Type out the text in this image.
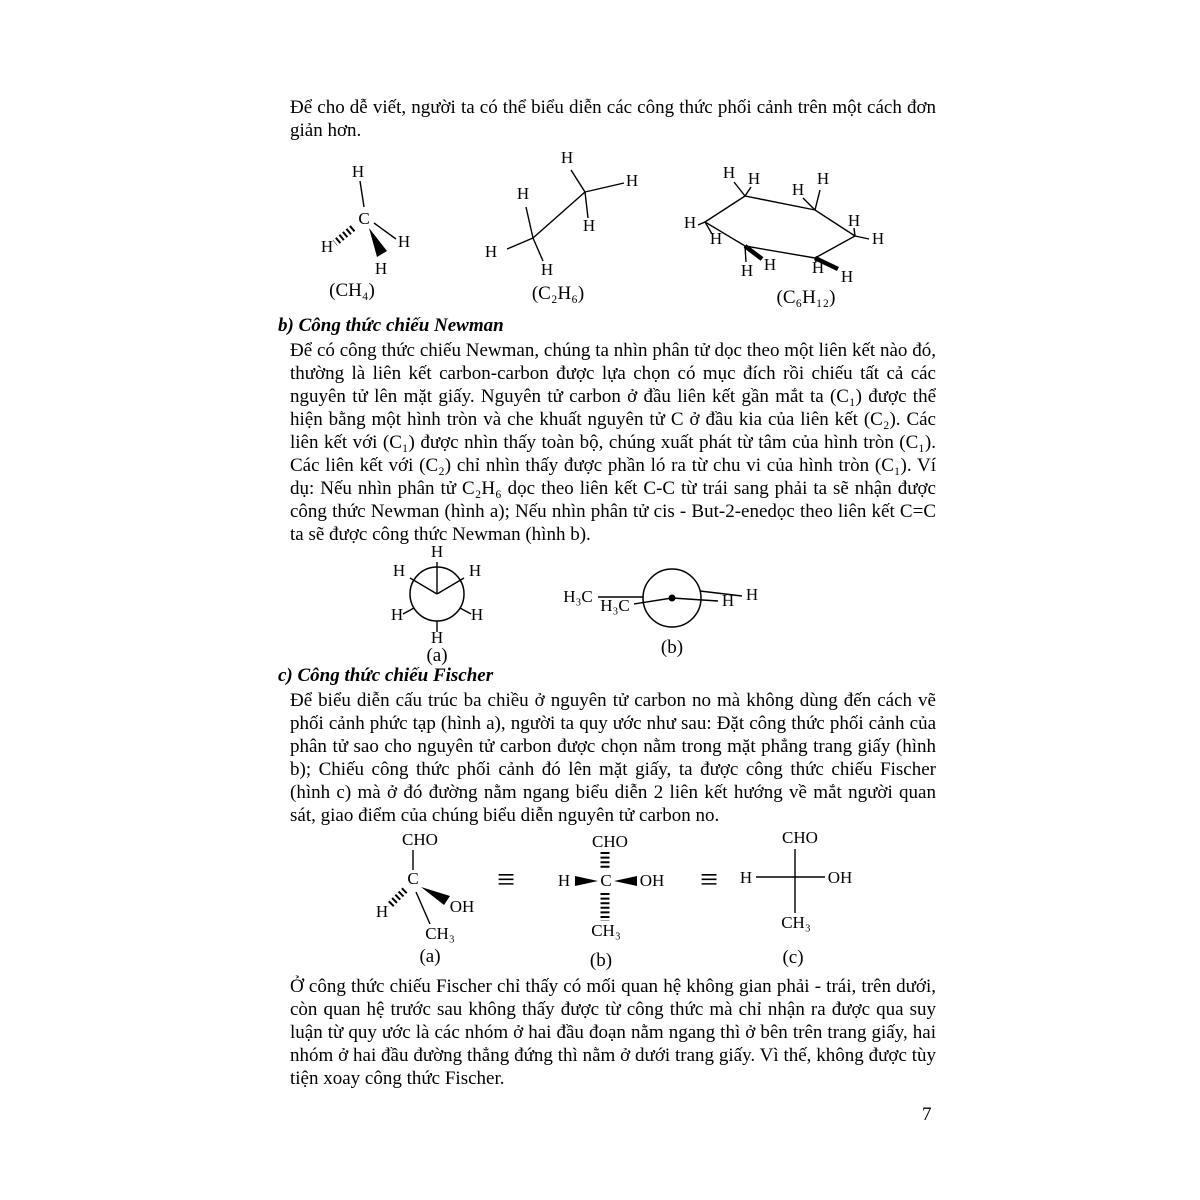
Để cho dễ viết, người ta có thể biểu diễn các công thức phối cảnh trên một cách đơn giản hơn.

H
C
H
H
H
(CH₄)
H
H
H
H
H
H
(C₂H₆)
H H
H
H
H
H
H
H
H H H H
(C₆H₁₂)
b) Công thức chiếu Newman

Để có công thức chiếu Newman, chúng ta nhìn phân tử dọc theo một liên kết nào đó, thường là liên kết carbon-carbon được lựa chọn có mục đích rồi chiếu tất cả các nguyên tử lên mặt giấy. Nguyên tử carbon ở đầu liên kết gần mắt ta (C₁) được thể hiện bằng một hình tròn và che khuất nguyên tử C ở đầu kia của liên kết (C₂). Các liên kết với (C₁) được nhìn thấy toàn bộ, chúng xuất phát từ tâm của hình tròn (C₁). Các liên kết với (C₂) chỉ nhìn thấy được phần ló ra từ chu vi của hình tròn (C₁). Ví dụ: Nếu nhìn phân tử C₂H₆ dọc theo liên kết C-C từ trái sang phải ta sẽ nhận được công thức Newman (hình a); Nếu nhìn phân tử cis - But-2-enedọc theo liên kết C=C ta sẽ được công thức Newman (hình b).

H
H	H
H
H
H
(a)
H₃C H₃C	H H
(b)
c) Công thức chiếu Fischer

Để biểu diễn cấu trúc ba chiều ở nguyên tử carbon no mà không dùng đến cách vẽ phối cảnh phức tạp (hình a), người ta quy ước như sau: Đặt công thức phối cảnh của phân tử sao cho nguyên tử carbon được chọn nằm trong mặt phẳng trang giấy (hình b); Chiếu công thức phối cảnh đó lên mặt giấy, ta được công thức chiếu Fischer (hình c) mà ở đó đường nằm ngang biểu diễn 2 liên kết hướng về mắt người quan sát, giao điểm của chúng biểu diễn nguyên tử carbon no.

CHO
C
H	OH
CH₃
(a)
≡
CHO
H C OH
CH₃
(b)
≡
CHO
H	OH
CH₃
(c)

Ở công thức chiếu Fischer chỉ thấy có mối quan hệ không gian phải - trái, trên dưới, còn quan hệ trước sau không thấy được từ công thức mà chỉ nhận ra được qua suy luận từ quy ước là các nhóm ở hai đầu đoạn nằm ngang thì ở bên trên trang giấy, hai nhóm ở hai đầu đường thẳng đứng thì nằm ở dưới trang giấy. Vì thế, không được tùy tiện xoay công thức Fischer.

7
